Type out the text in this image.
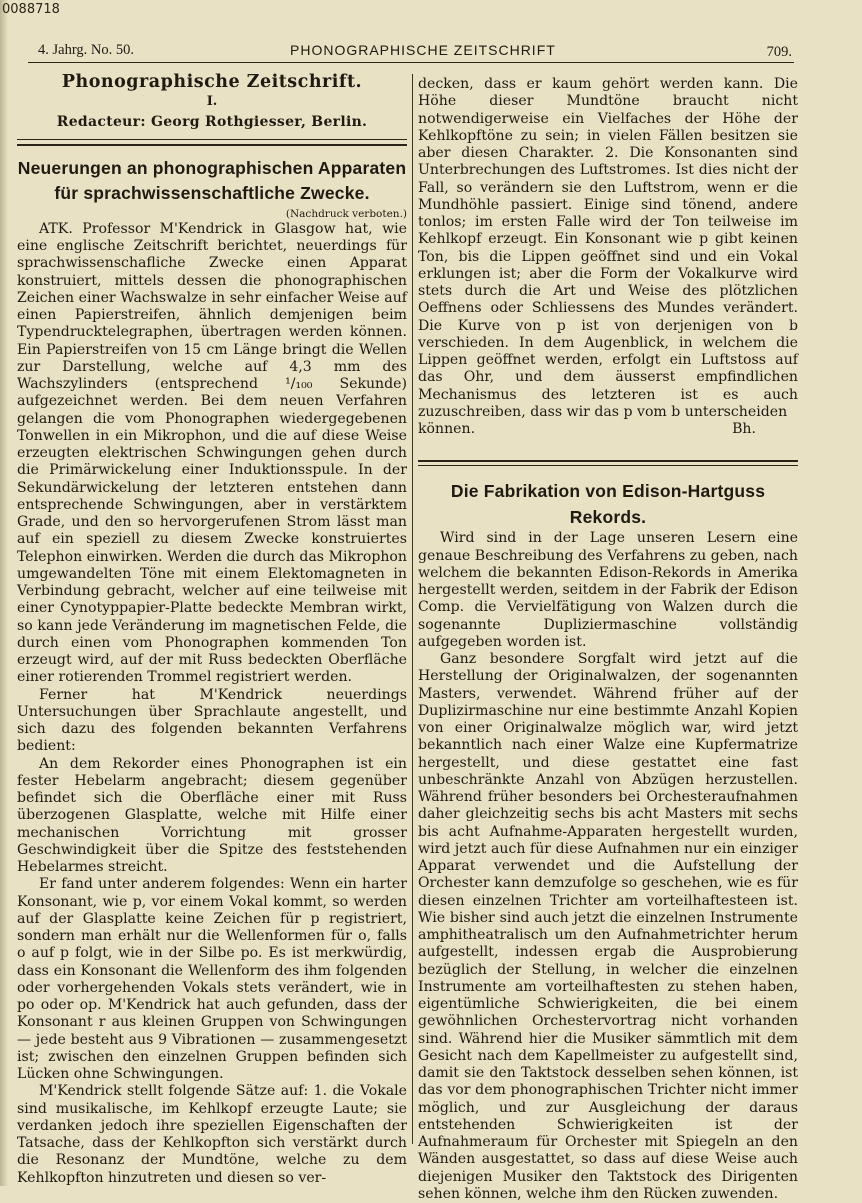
0088718
4. Jahrg. No. 50.	PHONOGRAPHISCHE ZEITSCHRIFT	709.
Phonographische Zeitschrift.
I.
Redacteur: Georg Rothgiesser, Berlin.
Neuerungen an phonographischen Apparaten für sprachwissenschaftliche Zwecke.
(Nachdruck verboten.)

ATK. Professor M'Kendrick in Glasgow hat, wie eine englische Zeitschrift berichtet, neuerdings für sprachwissenschafliche Zwecke einen Apparat konstruiert, mittels dessen die phonographischen Zeichen einer Wachswalze in sehr einfacher Weise auf einen Papierstreifen, ähnlich demjenigen beim Typendrucktelegraphen, übertragen werden können. Ein Papierstreifen von 15 cm Länge bringt die Wellen zur Darstellung, welche auf 4,3 mm des Wachszylinders (entsprechend ¹/₁₀₀ Sekunde) aufgezeichnet werden. Bei dem neuen Verfahren gelangen die vom Phonographen wiedergegebenen Tonwellen in ein Mikrophon, und die auf diese Weise erzeugten elektrischen Schwingungen gehen durch die Primärwickelung einer Induktionsspule. In der Sekundärwickelung der letzteren entstehen dann entsprechende Schwingungen, aber in verstärktem Grade, und den so hervorgerufenen Strom lässt man auf ein speziell zu diesem Zwecke konstruiertes Telephon einwirken. Werden die durch das Mikrophon umgewandelten Töne mit einem Elektomagneten in Verbindung gebracht, welcher auf eine teilweise mit einer Cynotyppapier-Platte bedeckte Membran wirkt, so kann jede Veränderung im magnetischen Felde, die durch einen vom Phonographen kommenden Ton erzeugt wird, auf der mit Russ bedeckten Oberfläche einer rotierenden Trommel registriert werden.

Ferner hat M'Kendrick neuerdings Untersuchungen über Sprachlaute angestellt, und sich dazu des folgenden bekannten Verfahrens bedient:

An dem Rekorder eines Phonographen ist ein fester Hebelarm angebracht; diesem gegenüber befindet sich die Oberfläche einer mit Russ überzogenen Glasplatte, welche mit Hilfe einer mechanischen Vorrichtung mit grosser Geschwindigkeit über die Spitze des feststehenden Hebelarmes streicht.

Er fand unter anderem folgendes: Wenn ein harter Konsonant, wie p, vor einem Vokal kommt, so werden auf der Glasplatte keine Zeichen für p registriert, sondern man erhält nur die Wellenformen für o, falls o auf p folgt, wie in der Silbe po. Es ist merkwürdig, dass ein Konsonant die Wellenform des ihm folgenden oder vorhergehenden Vokals stets verändert, wie in po oder op. M'Kendrick hat auch gefunden, dass der Konsonant r aus kleinen Gruppen von Schwingungen — jede besteht aus 9 Vibrationen — zusammengesetzt ist; zwischen den einzelnen Gruppen befinden sich Lücken ohne Schwingungen.

M'Kendrick stellt folgende Sätze auf: 1. die Vokale sind musikalische, im Kehlkopf erzeugte Laute; sie verdanken jedoch ihre speziellen Eigenschaften der Tatsache, dass der Kehlkopfton sich verstärkt durch die Resonanz der Mundtöne, welche zu dem Kehlkopfton hinzutreten und diesen so ver-

decken, dass er kaum gehört werden kann. Die Höhe dieser Mundtöne braucht nicht notwendigerweise ein Vielfaches der Höhe der Kehlkopftöne zu sein; in vielen Fällen besitzen sie aber diesen Charakter. 2. Die Konsonanten sind Unterbrechungen des Luftstromes. Ist dies nicht der Fall, so verändern sie den Luftstrom, wenn er die Mundhöhle passiert. Einige sind tönend, andere tonlos; im ersten Falle wird der Ton teilweise im Kehlkopf erzeugt. Ein Konsonant wie p gibt keinen Ton, bis die Lippen geöffnet sind und ein Vokal erklungen ist; aber die Form der Vokalkurve wird stets durch die Art und Weise des plötzlichen Oeffnens oder Schliessens des Mundes verändert. Die Kurve von p ist von derjenigen von b verschieden. In dem Augenblick, in welchem die Lippen geöffnet werden, erfolgt ein Luftstoss auf das Ohr, und dem äusserst empfindlichen Mechanismus des letzteren ist es auch zuzuschreiben, dass wir das p vom b unterscheiden

können.	Bh.
Die Fabrikation von Edison-Hartguss Rekords.

Wird sind in der Lage unseren Lesern eine genaue Beschreibung des Verfahrens zu geben, nach welchem die bekannten Edison-Rekords in Amerika hergestellt werden, seitdem in der Fabrik der Edison Comp. die Vervielfätigung von Walzen durch die sogenannte Dupliziermaschine vollständig aufgegeben worden ist.

Ganz besondere Sorgfalt wird jetzt auf die Herstellung der Originalwalzen, der sogenannten Masters, verwendet. Während früher auf der Duplizirmaschine nur eine bestimmte Anzahl Kopien von einer Originalwalze möglich war, wird jetzt bekanntlich nach einer Walze eine Kupfermatrize hergestellt, und diese gestattet eine fast unbeschränkte Anzahl von Abzügen herzustellen. Während früher besonders bei Orchesteraufnahmen daher gleichzeitig sechs bis acht Masters mit sechs bis acht Aufnahme-Apparaten hergestellt wurden, wird jetzt auch für diese Aufnahmen nur ein einziger Apparat verwendet und die Aufstellung der Orchester kann demzufolge so geschehen, wie es für diesen einzelnen Trichter am vorteilhaftesteen ist. Wie bisher sind auch jetzt die einzelnen Instrumente amphitheatralisch um den Aufnahmetrichter herum aufgestellt, indessen ergab die Ausprobierung bezüglich der Stellung, in welcher die einzelnen Instrumente am vorteilhaftesten zu stehen haben, eigentümliche Schwierigkeiten, die bei einem gewöhnlichen Orchestervortrag nicht vorhanden sind. Während hier die Musiker sämmtlich mit dem Gesicht nach dem Kapellmeister zu aufgestellt sind, damit sie den Taktstock desselben sehen können, ist das vor dem phonographischen Trichter nicht immer möglich, und zur Ausgleichung der daraus entstehenden Schwierigkeiten ist der Aufnahmeraum für Orchester mit Spiegeln an den Wänden ausgestattet, so dass auf diese Weise auch diejenigen Musiker den Taktstock des Dirigenten sehen können, welche ihm den Rücken zuwenden.
